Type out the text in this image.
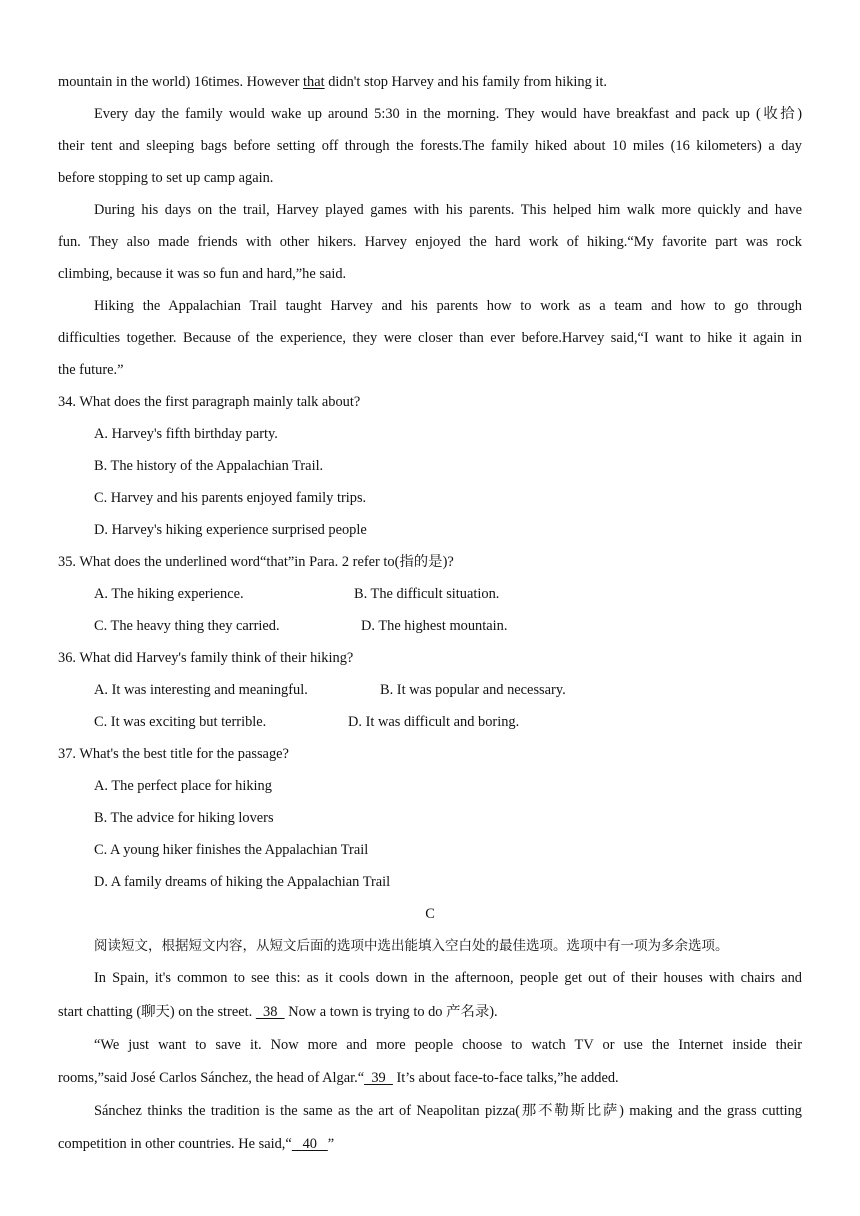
mountain in the world) 16times. However that didn't stop Harvey and his family from hiking it.
Every day the family would wake up around 5:30 in the morning. They would have breakfast and pack up (收拾)
their tent and sleeping bags before setting off through the forests.The family hiked about 10 miles (16 kilometers) a day
before stopping to set up camp again.
During his days on the trail, Harvey played games with his parents. This helped him walk more quickly and have
fun. They also made friends with other hikers. Harvey enjoyed the hard work of hiking.“My favorite part was rock
climbing, because it was so fun and hard,”he said.
Hiking the Appalachian Trail taught Harvey and his parents how to work as a team and how to go through
difficulties together. Because of the experience, they were closer than ever before.Harvey said,“I want to hike it again in
the future.”
34. What does the first paragraph mainly talk about?
A. Harvey's fifth birthday party.
B. The history of the Appalachian Trail.
C. Harvey and his parents enjoyed family trips.
D. Harvey's hiking experience surprised people
35. What does the underlined word“that”in Para. 2 refer to(指的是)?
A. The hiking experience.	B. The difficult situation.
C. The heavy thing they carried.	D. The highest mountain.
36. What did Harvey's family think of their hiking?
A. It was interesting and meaningful.	B. It was popular and necessary.
C. It was exciting but terrible.	D. It was difficult and boring.
37. What's the best title for the passage?
A. The perfect place for hiking
B. The advice for hiking lovers
C. A young hiker finishes the Appalachian Trail
D. A family dreams of hiking the Appalachian Trail
C
阅读短文，根据短文内容，从短文后面的选项中选出能填入空白处的最佳选项。选项中有一项为多余选项。
In Spain, it's common to see this: as it cools down in the afternoon, people get out of their houses with chairs and
start chatting (聊天) on the street.   38   Now a town is trying to do 产名录).
“We just want to save it. Now more and more people choose to watch TV or use the Internet inside their
rooms,”said José Carlos Sánchez, the head of Algar.“  39   It’s about face-to-face talks,”he added.
Sánchez thinks the tradition is the same as the art of Neapolitan pizza(那不勒斯比萨) making and the grass cutting
competition in other countries. He said,“   40   ”
